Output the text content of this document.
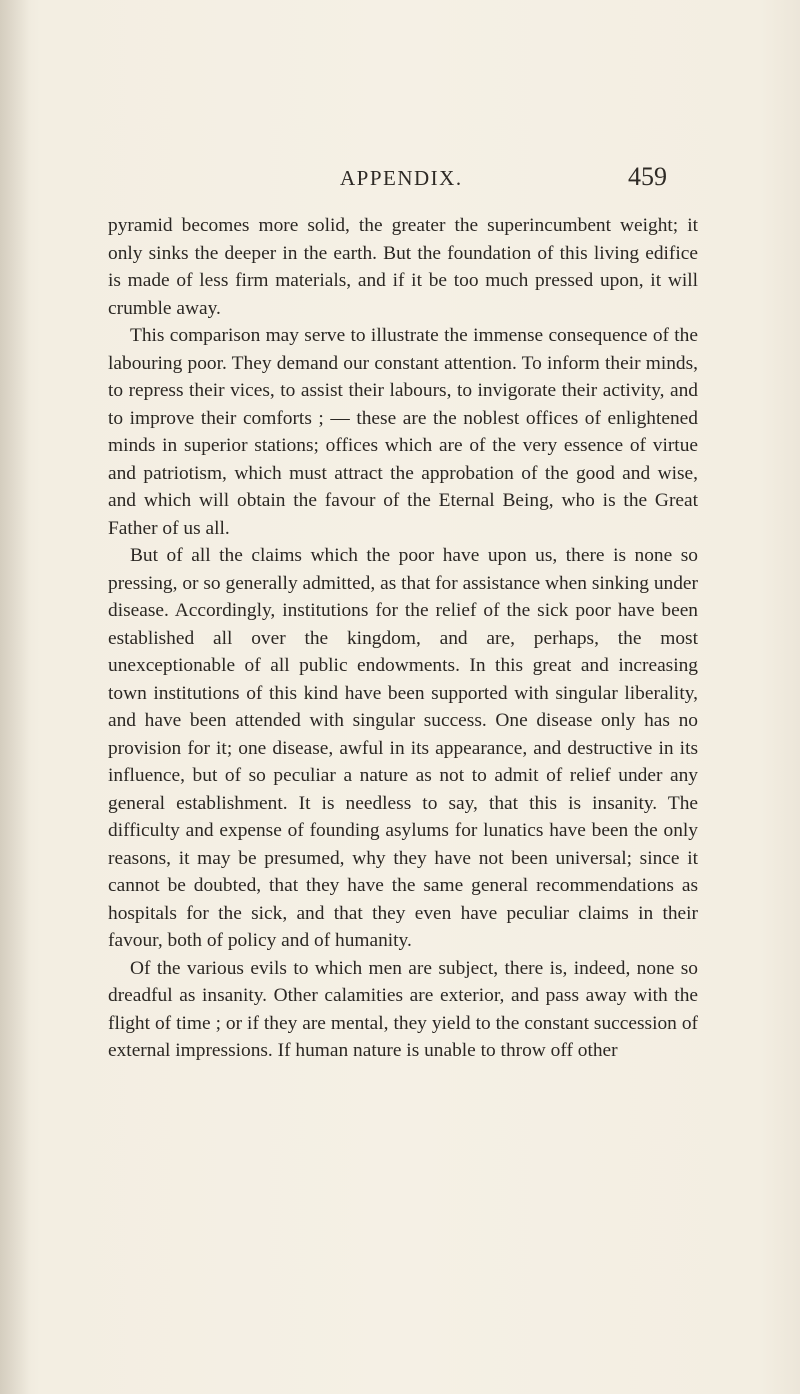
APPENDIX.	459

pyramid becomes more solid, the greater the superincumbent weight; it only sinks the deeper in the earth. But the foundation of this living edifice is made of less firm materials, and if it be too much pressed upon, it will crumble away.

This comparison may serve to illustrate the immense consequence of the labouring poor. They demand our constant attention. To inform their minds, to repress their vices, to assist their labours, to invigorate their activity, and to improve their comforts ; — these are the noblest offices of enlightened minds in superior stations; offices which are of the very essence of virtue and patriotism, which must attract the approbation of the good and wise, and which will obtain the favour of the Eternal Being, who is the Great Father of us all.

But of all the claims which the poor have upon us, there is none so pressing, or so generally admitted, as that for assistance when sinking under disease. Accordingly, institutions for the relief of the sick poor have been established all over the kingdom, and are, perhaps, the most unexceptionable of all public endowments. In this great and increasing town institutions of this kind have been supported with singular liberality, and have been attended with singular success. One disease only has no provision for it; one disease, awful in its appearance, and destructive in its influence, but of so peculiar a nature as not to admit of relief under any general establishment. It is needless to say, that this is insanity. The difficulty and expense of founding asylums for lunatics have been the only reasons, it may be presumed, why they have not been universal; since it cannot be doubted, that they have the same general recommendations as hospitals for the sick, and that they even have peculiar claims in their favour, both of policy and of humanity.

Of the various evils to which men are subject, there is, indeed, none so dreadful as insanity. Other calamities are exterior, and pass away with the flight of time ; or if they are mental, they yield to the constant succession of external impressions. If human nature is unable to throw off other
